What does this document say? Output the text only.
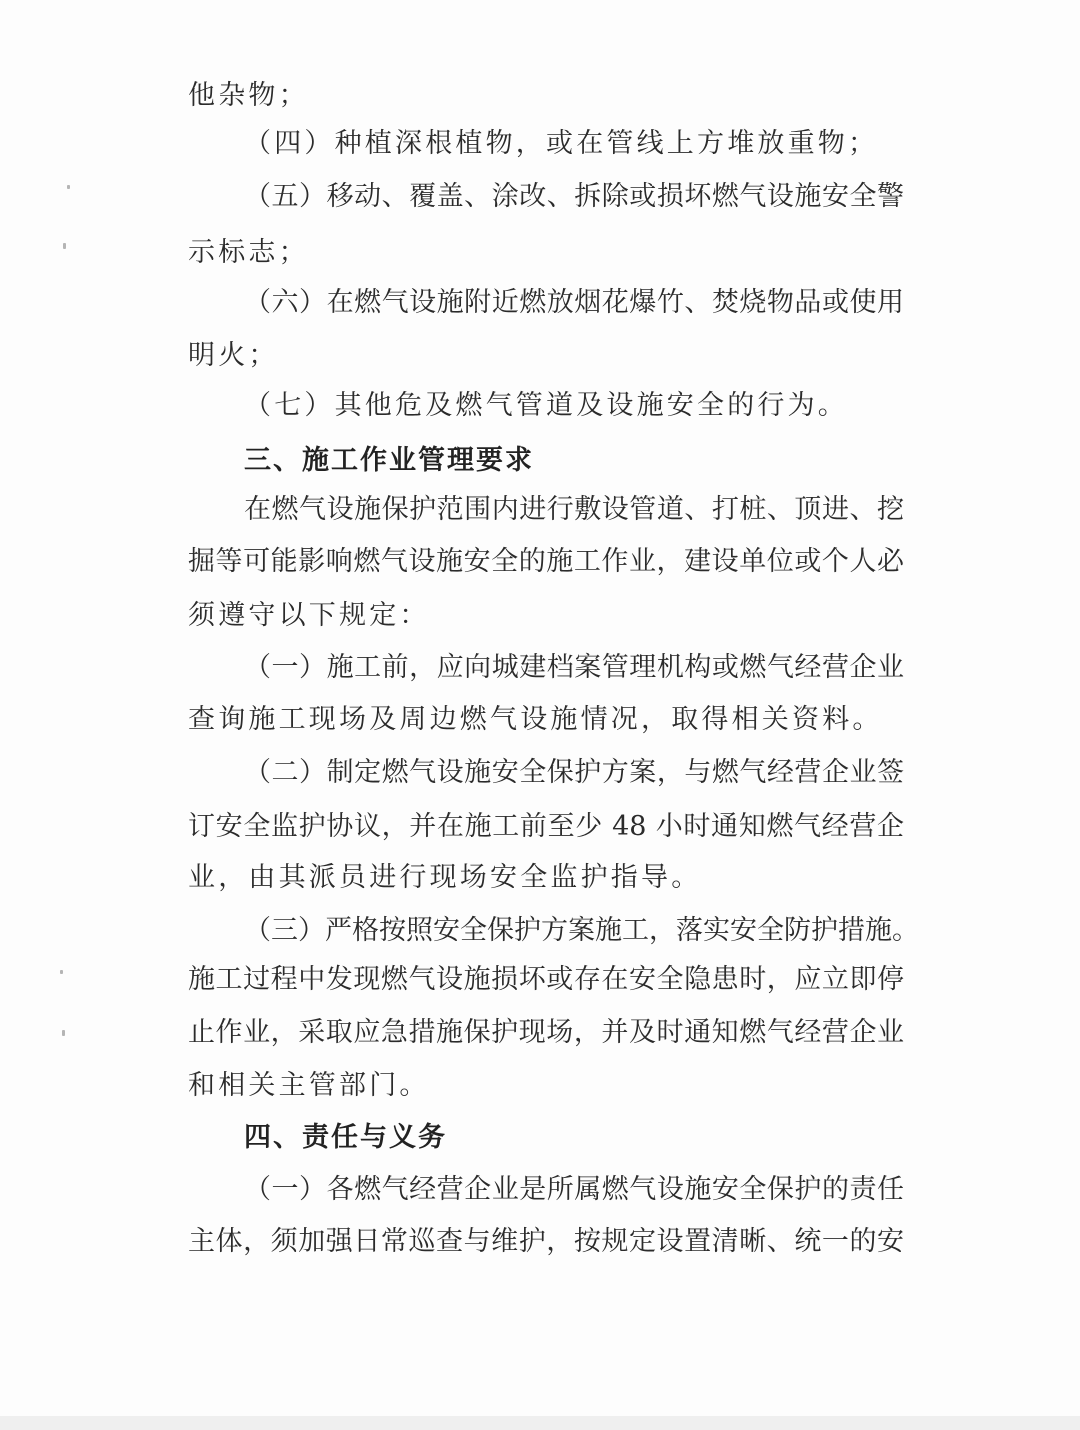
他杂物；
（四）种植深根植物，或在管线上方堆放重物；
（五）移动、覆盖、涂改、拆除或损坏燃气设施安全警
示标志；
（六）在燃气设施附近燃放烟花爆竹、焚烧物品或使用
明火；
（七）其他危及燃气管道及设施安全的行为。
三、施工作业管理要求
在燃气设施保护范围内进行敷设管道、打桩、顶进、挖
掘等可能影响燃气设施安全的施工作业，建设单位或个人必
须遵守以下规定：
（一）施工前，应向城建档案管理机构或燃气经营企业
查询施工现场及周边燃气设施情况，取得相关资料。
（二）制定燃气设施安全保护方案，与燃气经营企业签
订安全监护协议，并在施工前至少 48 小时通知燃气经营企
业，由其派员进行现场安全监护指导。
（三）严格按照安全保护方案施工，落实安全防护措施。
施工过程中发现燃气设施损坏或存在安全隐患时，应立即停
止作业，采取应急措施保护现场，并及时通知燃气经营企业
和相关主管部门。
四、责任与义务
（一）各燃气经营企业是所属燃气设施安全保护的责任
主体，须加强日常巡查与维护，按规定设置清晰、统一的安
